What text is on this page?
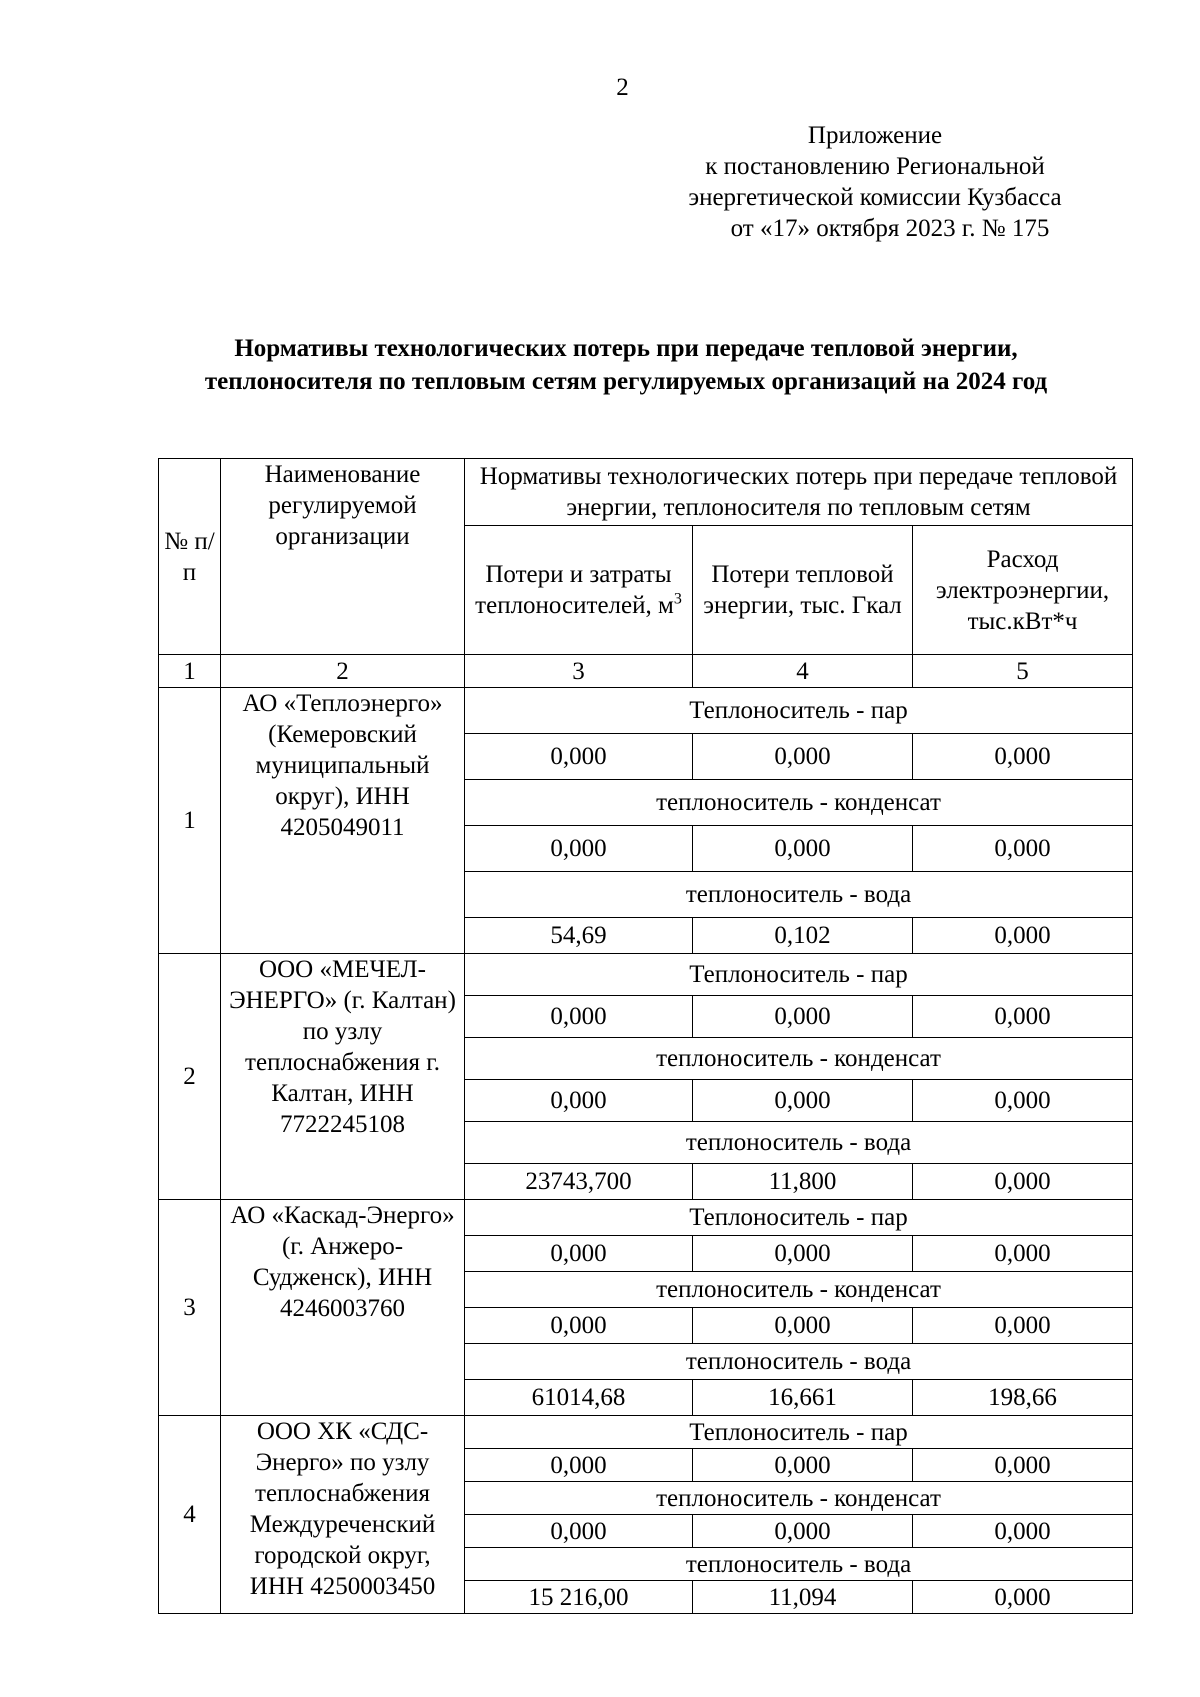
2
Приложение
к постановлению Региональной
энергетической комиссии Кузбасса
от «17» октября 2023 г. № 175
Нормативы технологических потерь при передаче тепловой энергии,
теплоносителя по тепловым сетям регулируемых организаций на 2024 год
№ п/п	Наименование регулируемой организации	Нормативы технологических потерь при передаче тепловой энергии, теплоносителя по тепловым сетям		
		Потери и затраты теплоносителей, $м^3$	Потери тепловой энергии, тыс. Гкал	Расход электроэнергии, тыс.кВт*ч
1	2	3	4	5
1	АО «Теплоэнерго» (Кемеровский муниципальный округ), ИНН 4205049011	Теплоноситель - пар		
		0,000	0,000	0,000
		теплоноситель - конденсат		
		0,000	0,000	0,000
		теплоноситель - вода		
		54,69	0,102	0,000
2	ООО «МЕЧЕЛ-ЭНЕРГО» (г. Калтан) по узлу теплоснабжения г. Калтан, ИНН 7722245108	Теплоноситель - пар		
		0,000	0,000	0,000
		теплоноситель - конденсат		
		0,000	0,000	0,000
		теплоноситель - вода		
		23743,700	11,800	0,000
3	АО «Каскад-Энерго» (г. Анжеро-Судженск), ИНН 4246003760	Теплоноситель - пар		
		0,000	0,000	0,000
		теплоноситель - конденсат		
		0,000	0,000	0,000
		теплоноситель - вода		
		61014,68	16,661	198,66
4	ООО ХК «СДС-Энерго» по узлу теплоснабжения Междуреченский городской округ, ИНН 4250003450	Теплоноситель - пар		
		0,000	0,000	0,000
		теплоноситель - конденсат		
		0,000	0,000	0,000
		теплоноситель - вода		
		15 216,00	11,094	0,000
